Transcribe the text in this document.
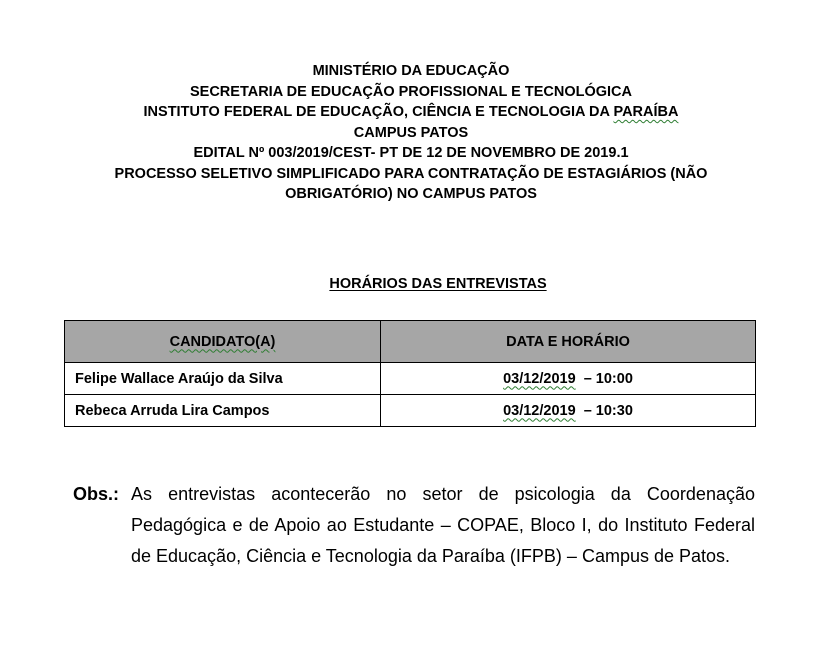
MINISTÉRIO DA EDUCAÇÃO
SECRETARIA DE EDUCAÇÃO PROFISSIONAL E TECNOLÓGICA
INSTITUTO FEDERAL DE EDUCAÇÃO, CIÊNCIA E TECNOLOGIA DA PARAÍBA
CAMPUS PATOS
EDITAL Nº 003/2019/CEST- PT DE 12 DE NOVEMBRO DE 2019.1
PROCESSO SELETIVO SIMPLIFICADO PARA CONTRATAÇÃO DE ESTAGIÁRIOS (NÃO OBRIGATÓRIO) NO CAMPUS PATOS
HORÁRIOS DAS ENTREVISTAS
CANDIDATO(A)	DATA E HORÁRIO
Felipe Wallace Araújo da Silva	03/12/2019  – 10:00
Rebeca Arruda Lira Campos	03/12/2019  – 10:30
Obs.: As entrevistas acontecerão no setor de psicologia da Coordenação Pedagógica e de Apoio ao Estudante – COPAE, Bloco I, do Instituto Federal de Educação, Ciência e Tecnologia da Paraíba (IFPB) – Campus de Patos.
